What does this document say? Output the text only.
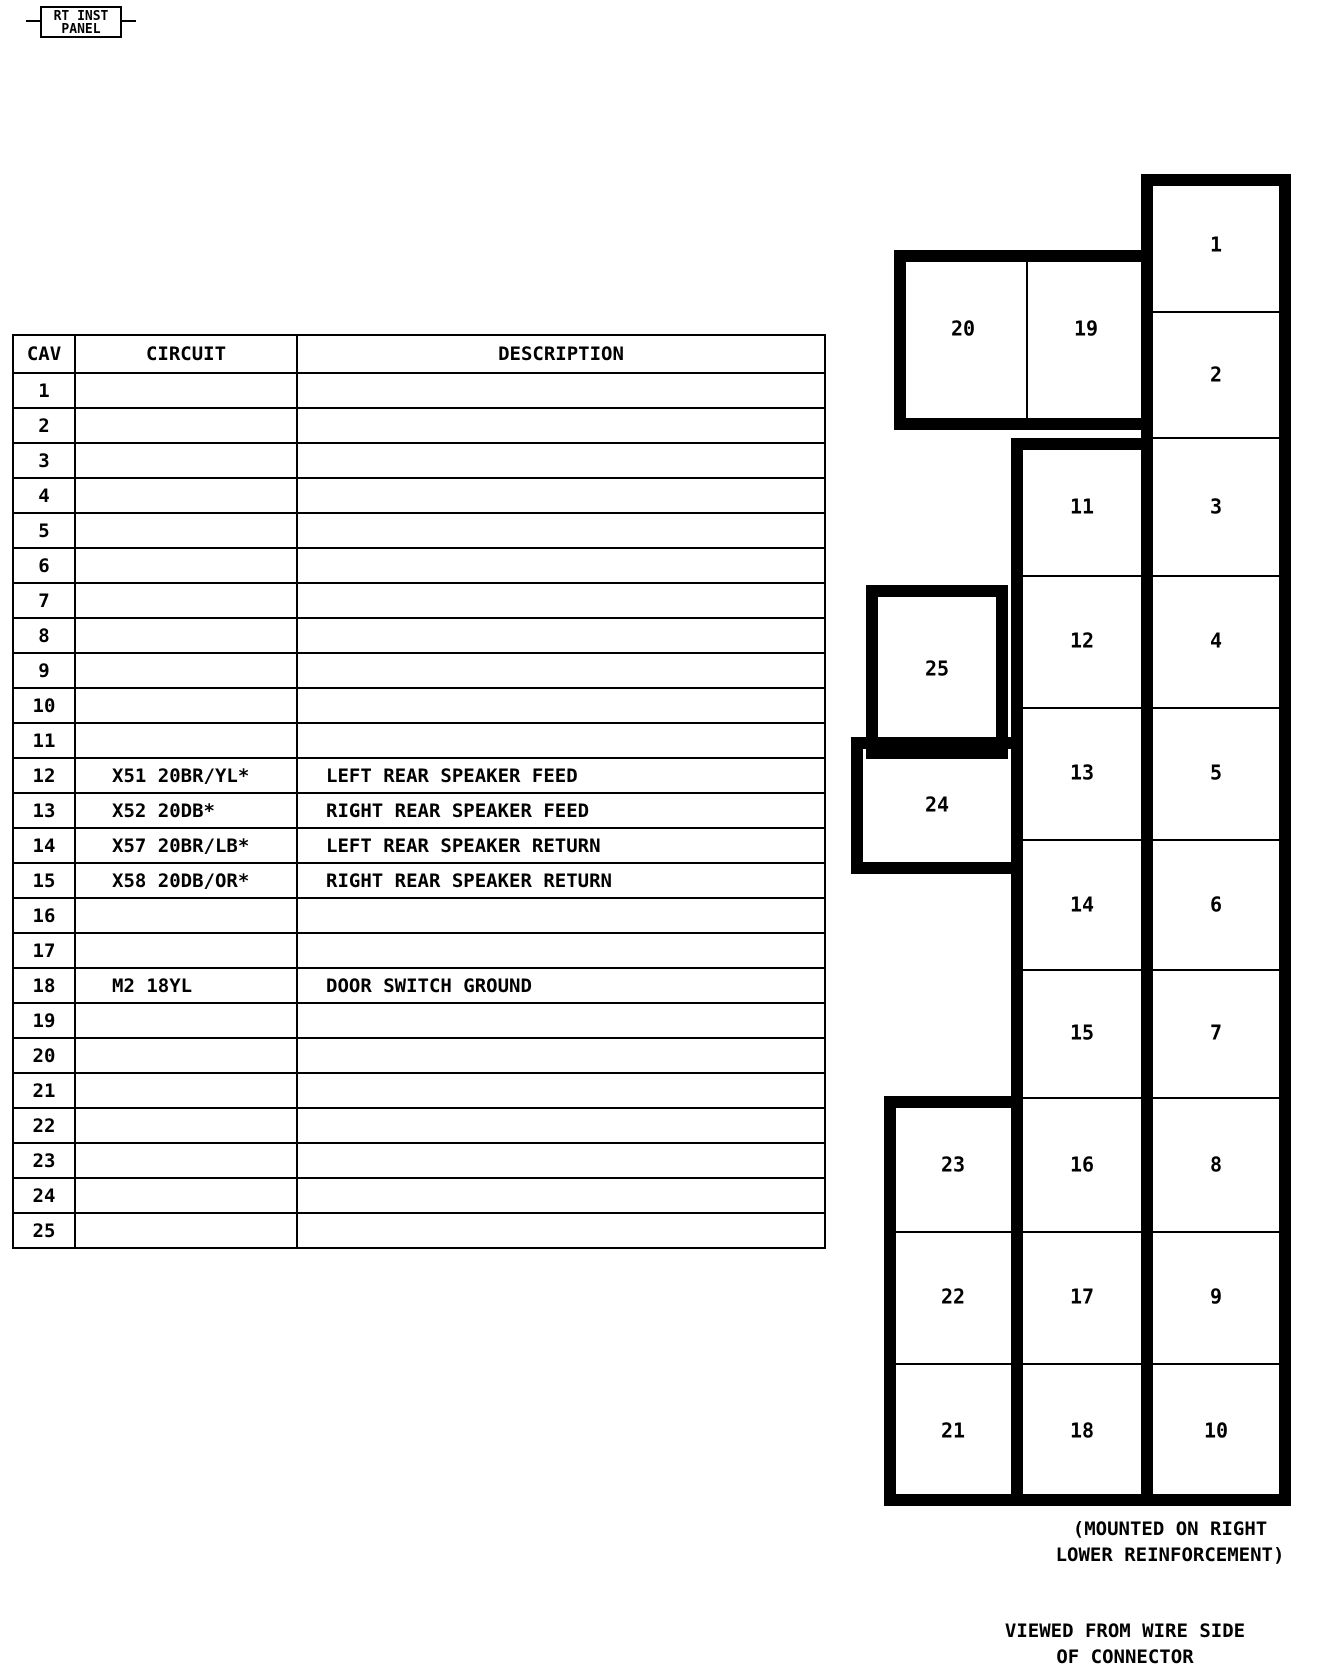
RT INST
PANEL
CAV	CIRCUIT	DESCRIPTION
1		
2		
3		
4		
5		
6		
7		
8		
9		
10		
11		
12	X51 20BR/YL*	LEFT REAR SPEAKER FEED
13	X52 20DB*	RIGHT REAR SPEAKER FEED
14	X57 20BR/LB*	LEFT REAR SPEAKER RETURN
15	X58 20DB/OR*	RIGHT REAR SPEAKER RETURN
16		
17		
18	M2 18YL	DOOR SWITCH GROUND
19		
20		
21		
22		
23		
24		
25		
1
2
3
4
5
6
7
8
9
10
11
12
13
14
15
16
17
18
19
20
21
22
23
24
25
(MOUNTED ON RIGHT
LOWER REINFORCEMENT)
VIEWED FROM WIRE SIDE
OF CONNECTOR
